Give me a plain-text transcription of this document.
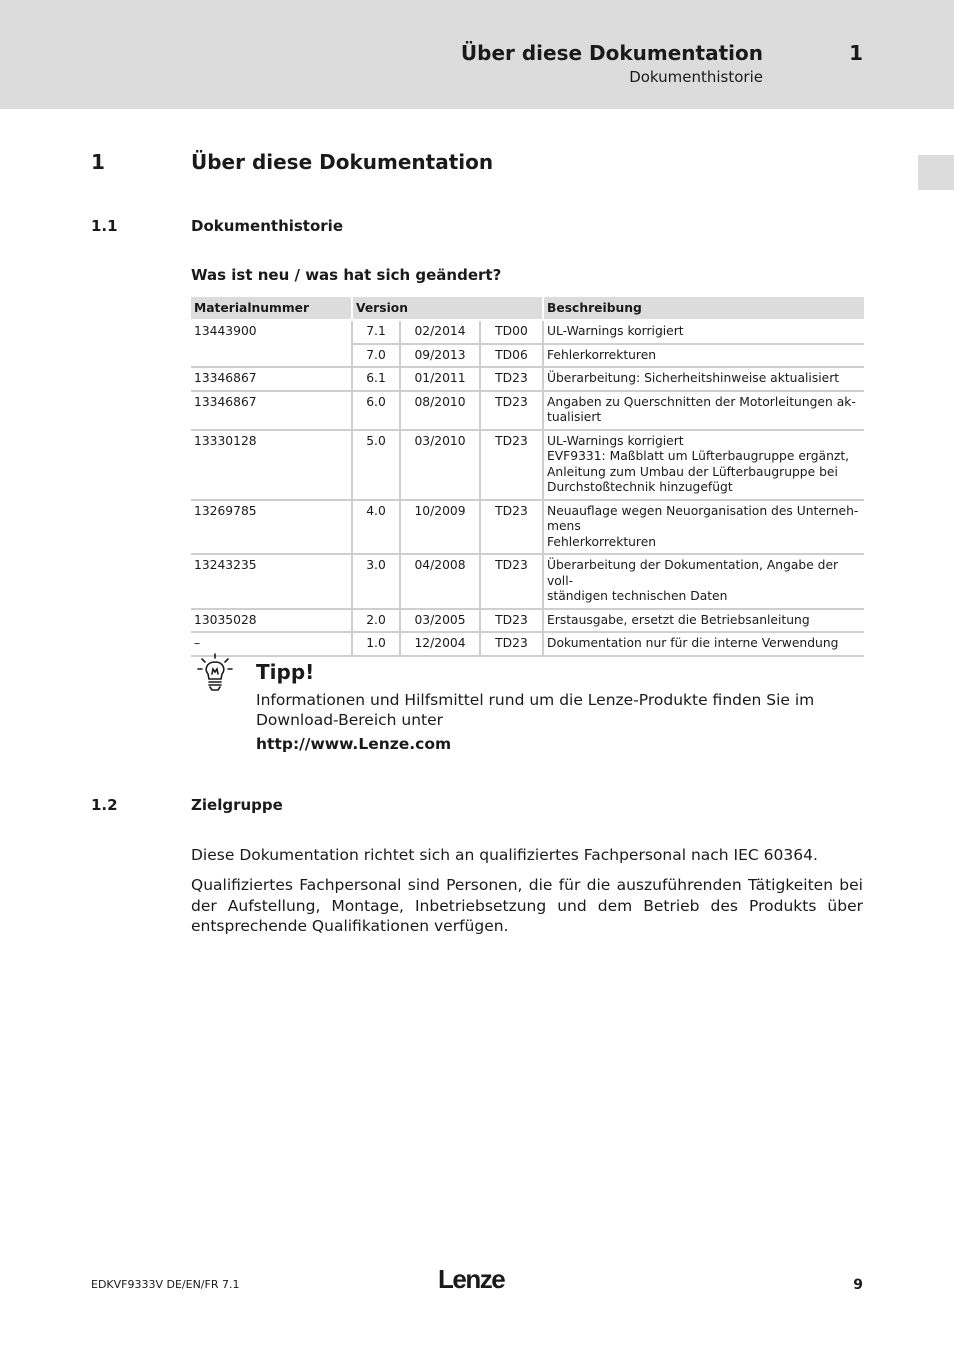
Über diese Dokumentation
Dokumenthistorie
1
1	Über diese Dokumentation
1.1	Dokumenthistorie
Was ist neu / was hat sich geändert?
Materialnummer	Version			Beschreibung
13443900	7.1	02/2014	TD00	UL-Warnings korrigiert
	7.0	09/2013	TD06	Fehlerkorrekturen
13346867	6.1	01/2011	TD23	Überarbeitung: Sicherheitshinweise aktualisiert
13346867	6.0	08/2010	TD23	Angaben zu Querschnitten der Motorleitungen ak-
tualisiert
13330128	5.0	03/2010	TD23	UL-Warnings korrigiert
EVF9331: Maßblatt um Lüfterbaugruppe ergänzt,
Anleitung zum Umbau der Lüfterbaugruppe bei
Durchstoßtechnik hinzugefügt
13269785	4.0	10/2009	TD23	Neuauflage wegen Neuorganisation des Unterneh-
mens
Fehlerkorrekturen
13243235	3.0	04/2008	TD23	Überarbeitung der Dokumentation, Angabe der voll-
ständigen technischen Daten
13035028	2.0	03/2005	TD23	Erstausgabe, ersetzt die Betriebsanleitung
–	1.0	12/2004	TD23	Dokumentation nur für die interne Verwendung
Tipp!
Informationen und Hilfsmittel rund um die Lenze-Produkte finden Sie im Download-Bereich unter
http://www.Lenze.com
1.2	Zielgruppe
Diese Dokumentation richtet sich an qualifiziertes Fachpersonal nach IEC 60364.
Qualifiziertes Fachpersonal sind Personen, die für die auszuführenden Tätigkeiten bei der Aufstellung, Montage, Inbetriebsetzung und dem Betrieb des Produkts über entsprechende Qualifikationen verfügen.
EDKVF9333V DE/EN/FR 7.1	Lenze	9
